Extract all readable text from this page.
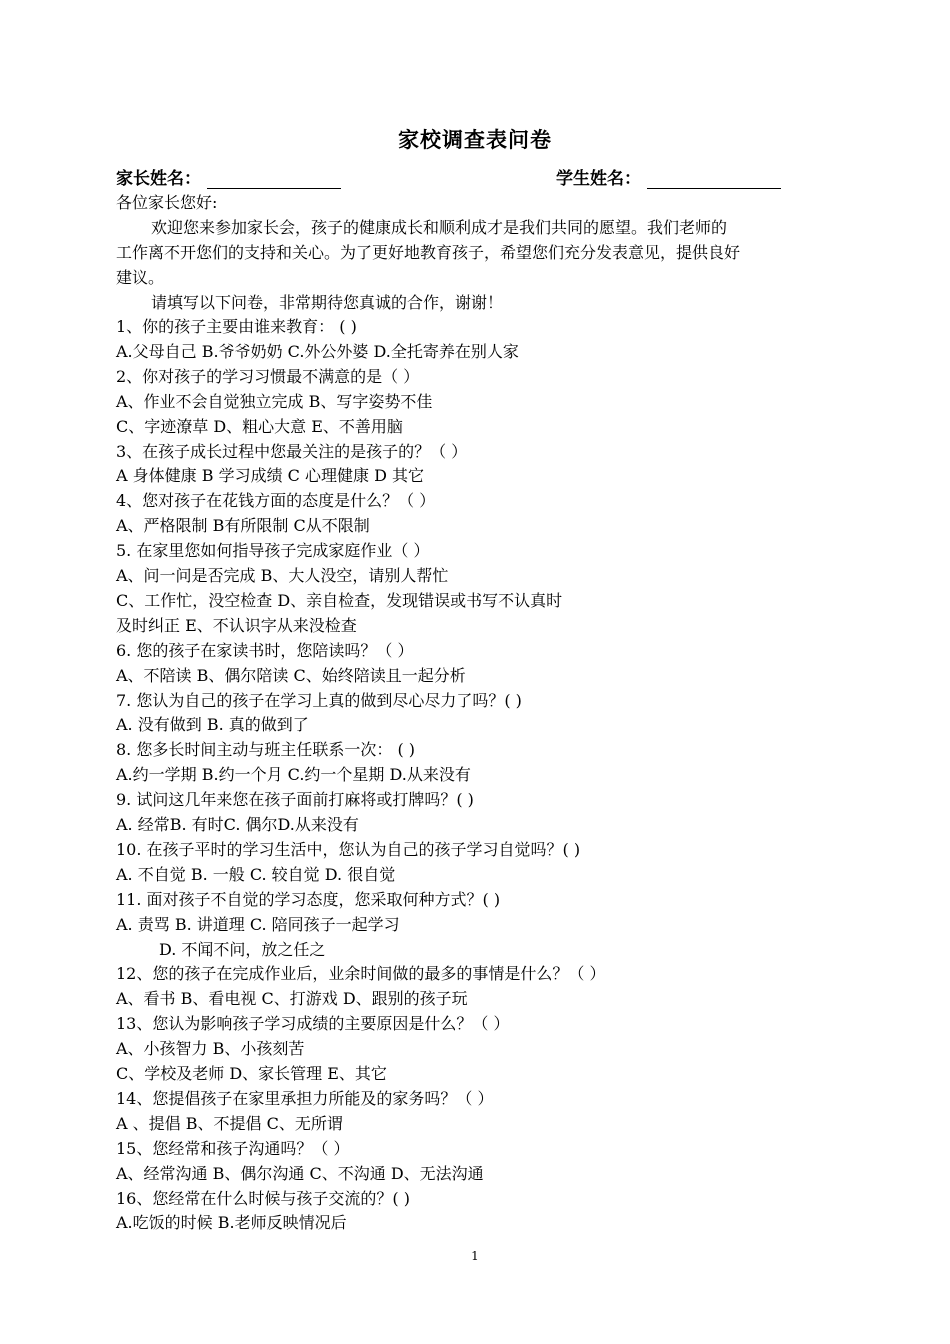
家校调查表问卷
家长姓名：	学生姓名：
各位家长您好:
欢迎您来参加家长会，孩子的健康成长和顺利成才是我们共同的愿望。我们老师的
工作离不开您们的支持和关心。为了更好地教育孩子，希望您们充分发表意见，提供良好
建议。
请填写以下问卷，非常期待您真诚的合作，谢谢！
1、你的孩子主要由谁来教育： ( )
A.父母自己 B.爷爷奶奶 C.外公外婆 D.全托寄养在别人家
2、你对孩子的学习习惯最不满意的是（ ）
A、作业不会自觉独立完成 B、写字姿势不佳
C、字迹潦草 D、粗心大意 E、不善用脑
3、在孩子成长过程中您最关注的是孩子的？（ ）
A 身体健康 B 学习成绩 C 心理健康 D 其它
4、您对孩子在花钱方面的态度是什么？（ ）
A、严格限制 B有所限制 C从不限制
5. 在家里您如何指导孩子完成家庭作业（ ）
A、问一问是否完成 B、大人没空，请别人帮忙
C、工作忙，没空检查 D、亲自检查，发现错误或书写不认真时
及时纠正 E、不认识字从来没检查
6. 您的孩子在家读书时，您陪读吗？（ ）
A、不陪读 B、偶尔陪读 C、始终陪读且一起分析
7. 您认为自己的孩子在学习上真的做到尽心尽力了吗？( )
A. 没有做到 B. 真的做到了
8. 您多长时间主动与班主任联系一次： ( )
A.约一学期 B.约一个月 C.约一个星期 D.从来没有
9. 试问这几年来您在孩子面前打麻将或打牌吗？( )
A. 经常B. 有时C. 偶尔D.从来没有
10. 在孩子平时的学习生活中，您认为自己的孩子学习自觉吗？( )
A. 不自觉 B. 一般 C. 较自觉 D. 很自觉
11. 面对孩子不自觉的学习态度，您采取何种方式？( )
A. 责骂 B. 讲道理 C. 陪同孩子一起学习
D. 不闻不问，放之任之
12、您的孩子在完成作业后，业余时间做的最多的事情是什么？（ ）
A、看书 B、看电视 C、打游戏 D、跟别的孩子玩
13、您认为影响孩子学习成绩的主要原因是什么？（ ）
A、小孩智力 B、小孩刻苦
C、学校及老师 D、家长管理 E、其它
14、您提倡孩子在家里承担力所能及的家务吗？（ ）
A 、提倡 B、不提倡 C、无所谓
15、您经常和孩子沟通吗？（ ）
A、经常沟通 B、偶尔沟通 C、不沟通 D、无法沟通
16、您经常在什么时候与孩子交流的？( )
A.吃饭的时候 B.老师反映情况后
1
